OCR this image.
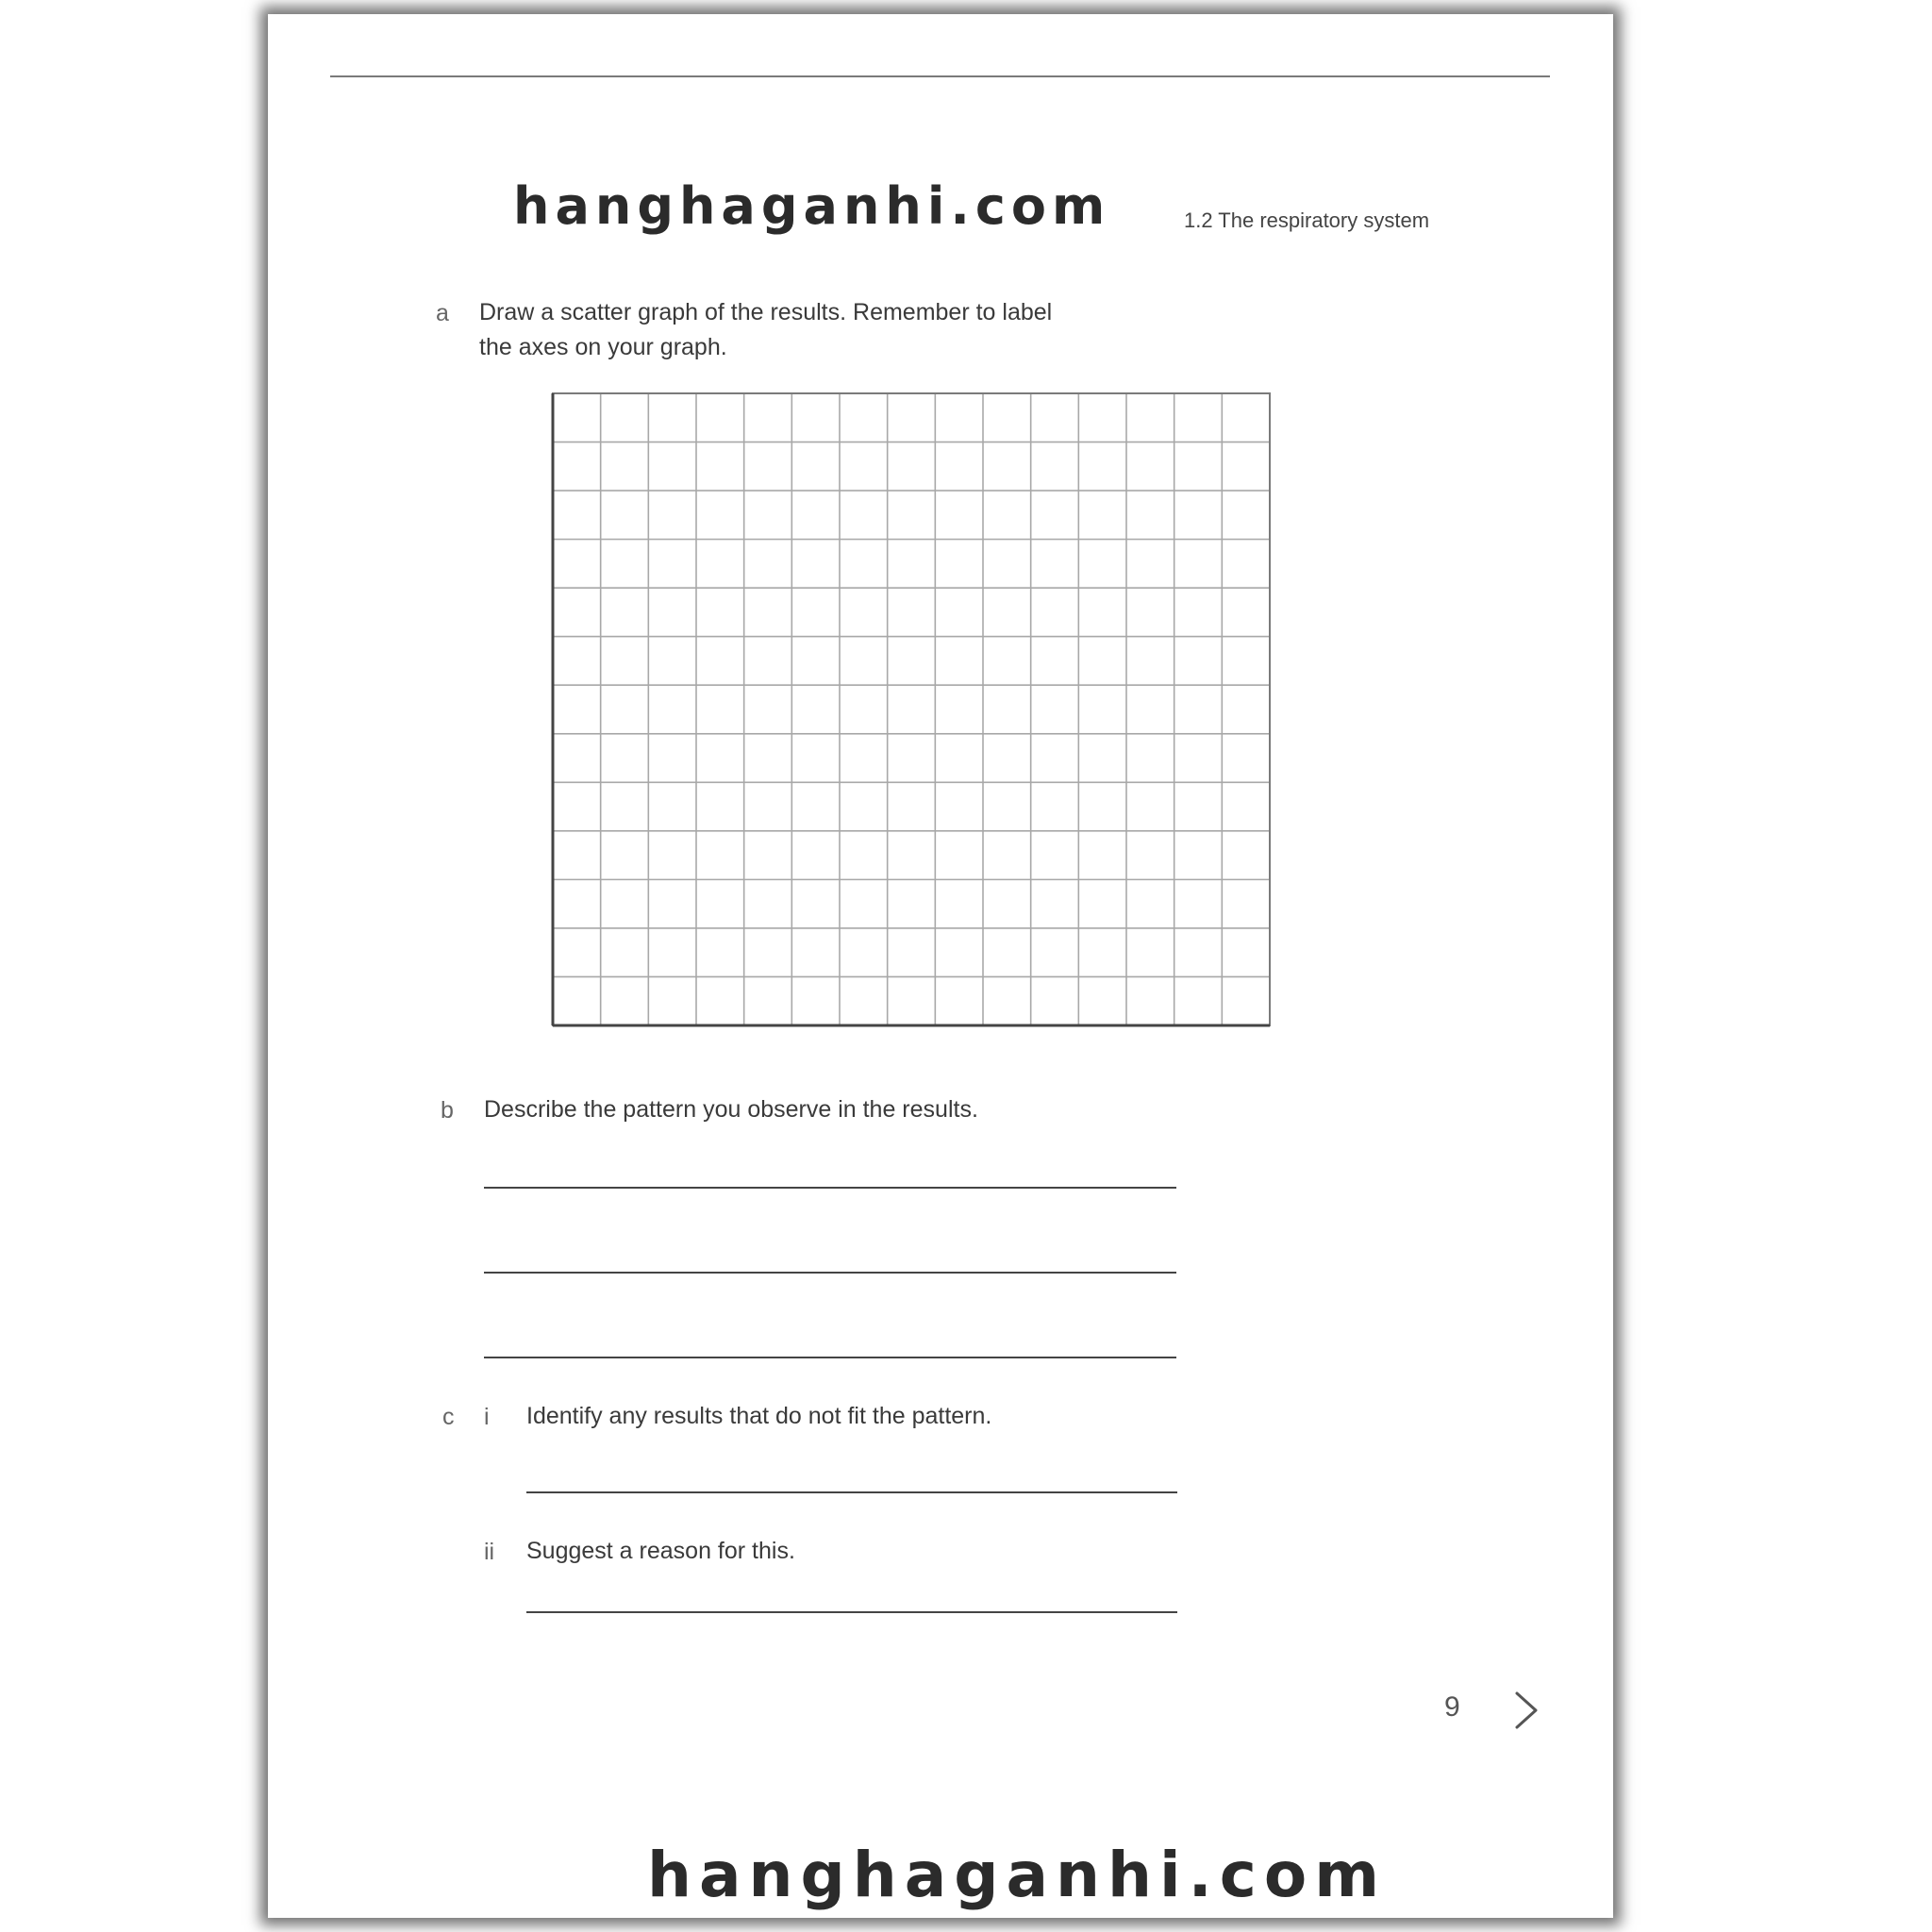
hanghaganhi.com	1.2 The respiratory system
a Draw a scatter graph of the results. Remember to label
the axes on your graph.
b Describe the pattern you observe in the results.
c i Identify any results that do not fit the pattern.
ii Suggest a reason for this.
9
hanghaganhi.com
